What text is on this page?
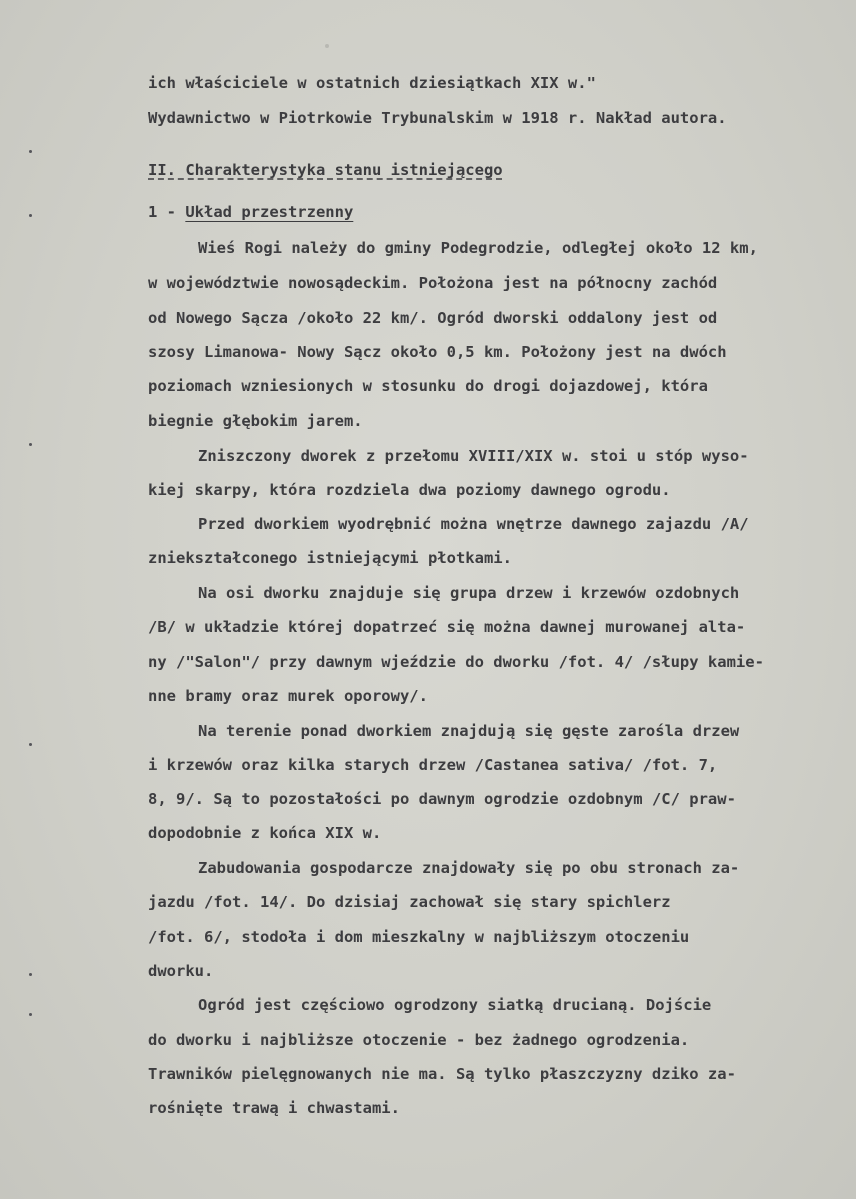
ich właściciele w ostatnich dziesiątkach XIX w."
Wydawnictwo w Piotrkowie Trybunalskim w 1918 r. Nakład autora.
II. Charakterystyka stanu istniejącego
1 - Układ przestrzenny
Wieś Rogi należy do gminy Podegrodzie, odległej około 12 km,
w województwie nowosądeckim. Położona jest na północny zachód
od Nowego Sącza /około 22 km/. Ogród dworski oddalony jest od
szosy Limanowa- Nowy Sącz około 0,5 km. Położony jest na dwóch
poziomach wzniesionych w stosunku do drogi dojazdowej, która
biegnie głębokim jarem.
Zniszczony dworek z przełomu XVIII/XIX w. stoi u stóp wyso-
kiej skarpy, która rozdziela dwa poziomy dawnego ogrodu.
Przed dworkiem wyodrębnić można wnętrze dawnego zajazdu /A/
zniekształconego istniejącymi płotkami.
Na osi dworku znajduje się grupa drzew i krzewów ozdobnych
/B/ w układzie której dopatrzeć się można dawnej murowanej alta-
ny /"Salon"/ przy dawnym wjeździe do dworku /fot. 4/ /słupy kamie-
nne bramy oraz murek oporowy/.
Na terenie ponad dworkiem znajdują się gęste zarośla drzew
i krzewów oraz kilka starych drzew /Castanea sativa/ /fot. 7,
8, 9/. Są to pozostałości po dawnym ogrodzie ozdobnym /C/ praw-
dopodobnie z końca XIX w.
Zabudowania gospodarcze znajdowały się po obu stronach za-
jazdu /fot. 14/. Do dzisiaj zachował się stary spichlerz
/fot. 6/, stodoła i dom mieszkalny w najbliższym otoczeniu
dworku.
Ogród jest częściowo ogrodzony siatką drucianą. Dojście
do dworku i najbliższe otoczenie - bez żadnego ogrodzenia.
Trawników pielęgnowanych nie ma. Są tylko płaszczyzny dziko za-
rośnięte trawą i chwastami.
